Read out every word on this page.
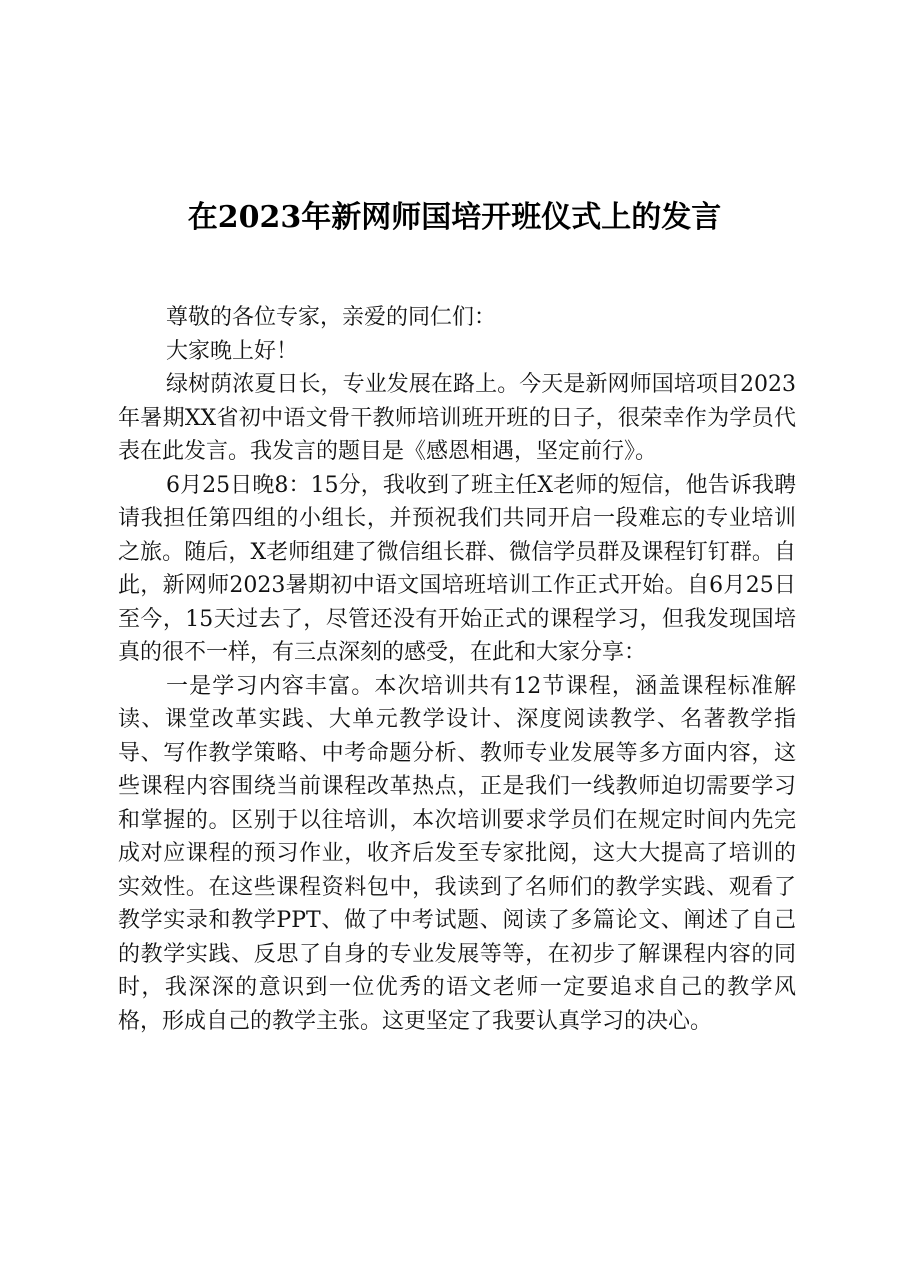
在2023年新网师国培开班仪式上的发言

尊敬的各位专家，亲爱的同仁们：

大家晚上好！

绿树荫浓夏日长，专业发展在路上。今天是新网师国培项目2023年暑期XX省初中语文骨干教师培训班开班的日子，很荣幸作为学员代表在此发言。我发言的题目是《感恩相遇，坚定前行》。

6月25日晚8：15分，我收到了班主任X老师的短信，他告诉我聘请我担任第四组的小组长，并预祝我们共同开启一段难忘的专业培训之旅。随后，X老师组建了微信组长群、微信学员群及课程钉钉群。自此，新网师2023暑期初中语文国培班培训工作正式开始。自6月25日至今，15天过去了，尽管还没有开始正式的课程学习，但我发现国培真的很不一样，有三点深刻的感受，在此和大家分享：

一是学习内容丰富。本次培训共有12节课程，涵盖课程标准解读、课堂改革实践、大单元教学设计、深度阅读教学、名著教学指导、写作教学策略、中考命题分析、教师专业发展等多方面内容，这些课程内容围绕当前课程改革热点，正是我们一线教师迫切需要学习和掌握的。区别于以往培训，本次培训要求学员们在规定时间内先完成对应课程的预习作业，收齐后发至专家批阅，这大大提高了培训的实效性。在这些课程资料包中，我读到了名师们的教学实践、观看了教学实录和教学PPT、做了中考试题、阅读了多篇论文、阐述了自己的教学实践、反思了自身的专业发展等等，在初步了解课程内容的同时，我深深的意识到一位优秀的语文老师一定要追求自己的教学风格，形成自己的教学主张。这更坚定了我要认真学习的决心。
